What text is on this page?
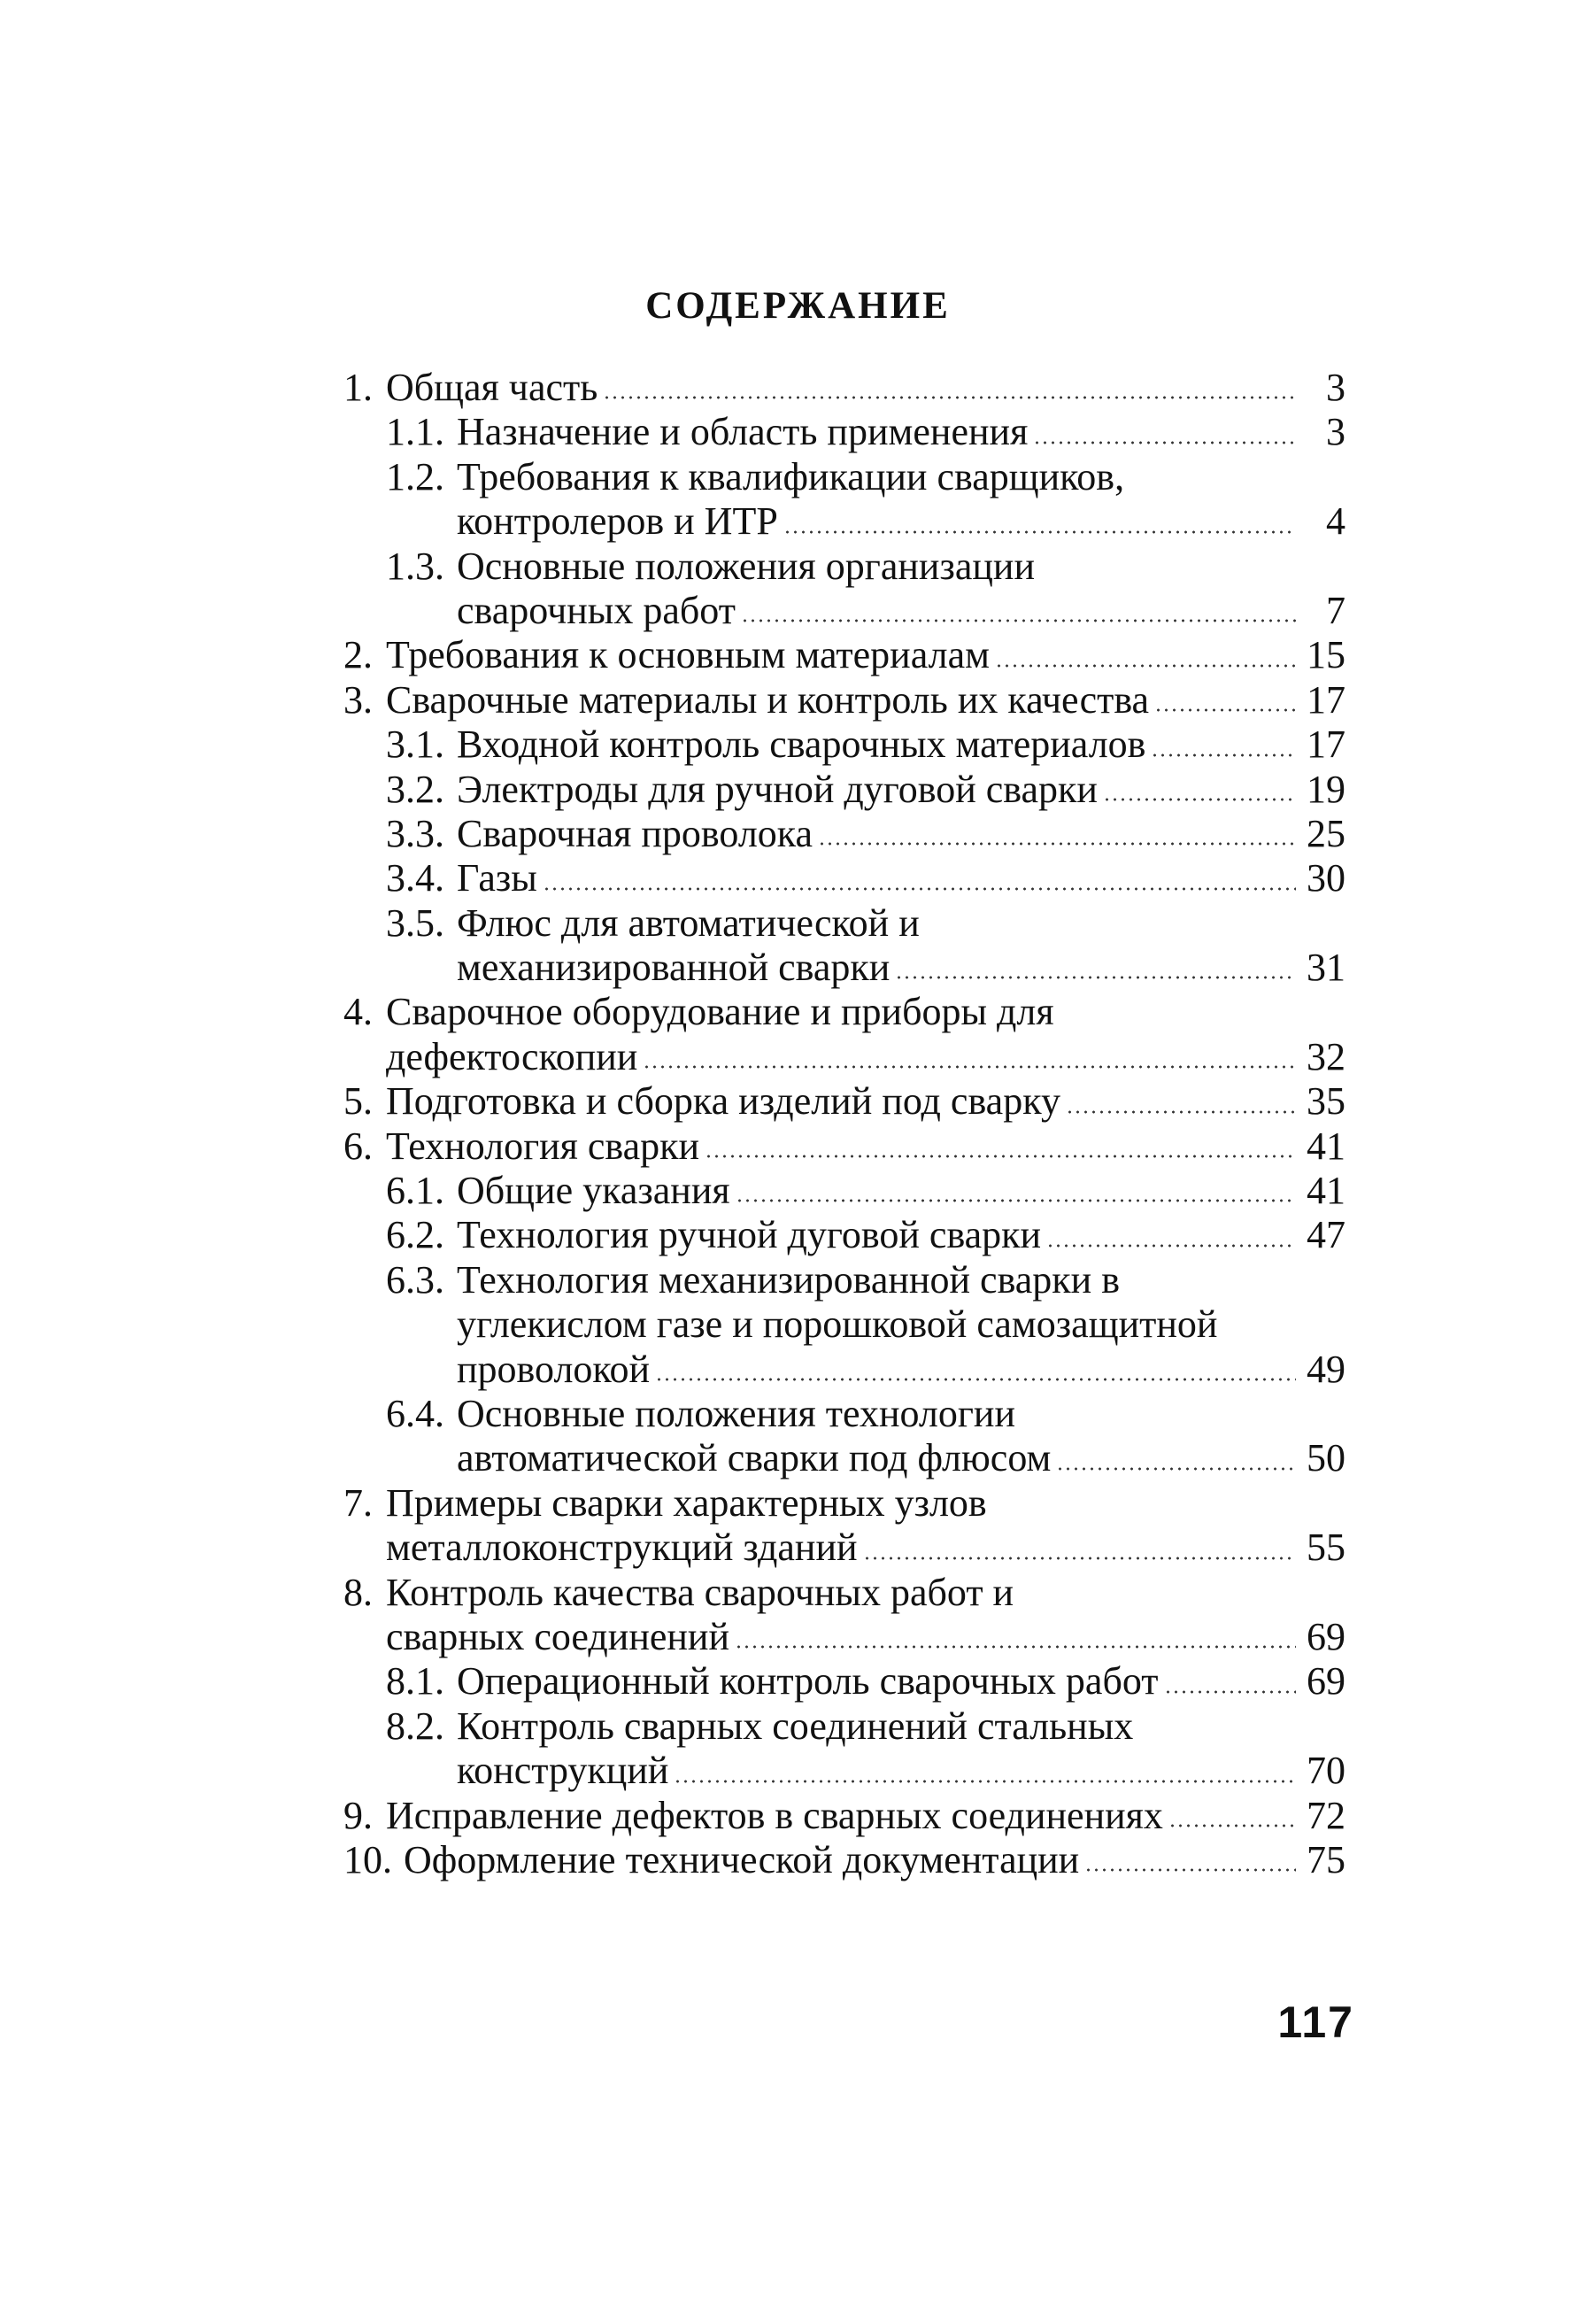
СОДЕРЖАНИЕ
1. Общая часть	3
1.1. Назначение и область применения	3
1.2. Требования к квалификации сварщиков,
контролеров и ИТР	4
1.3. Основные положения организации
сварочных работ	7
2. Требования к основным материалам	15
3. Сварочные материалы и контроль их качества	17
3.1. Входной контроль сварочных материалов	17
3.2. Электроды для ручной дуговой сварки	19
3.3. Сварочная проволока	25
3.4. Газы	30
3.5. Флюс для автоматической и
механизированной сварки	31
4. Сварочное оборудование и приборы для
дефектоскопии	32
5. Подготовка и сборка изделий под сварку	35
6. Технология сварки	41
6.1. Общие указания	41
6.2. Технология ручной дуговой сварки	47
6.3. Технология механизированной сварки в
углекислом газе и порошковой самозащитной
проволокой	49
6.4. Основные положения технологии
автоматической сварки под флюсом	50
7. Примеры сварки характерных узлов
металлоконструкций зданий	55
8. Контроль качества сварочных работ и
сварных соединений	69
8.1. Операционный контроль сварочных работ	69
8.2. Контроль сварных соединений стальных
конструкций	70
9. Исправление дефектов в сварных соединениях	72
10. Оформление технической документации	75
117
